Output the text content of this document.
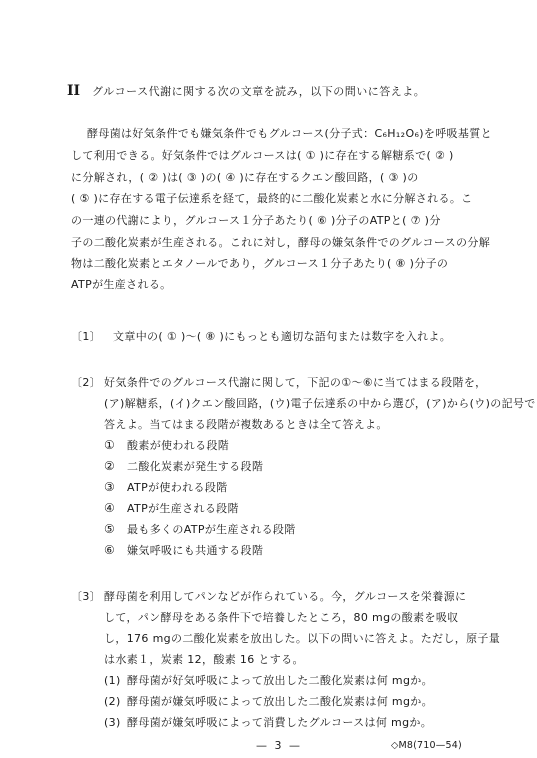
II グルコース代謝に関する次の文章を読み，以下の問いに答えよ。
酵母菌は好気条件でも嫌気条件でもグルコース(分子式：C₆H₁₂O₆)を呼吸基質と
して利用できる。好気条件ではグルコースは( ① )に存在する解糖系で( ② )
に分解され，( ② )は( ③ )の( ④ )に存在するクエン酸回路，( ③ )の
( ⑤ )に存在する電子伝達系を経て，最終的に二酸化炭素と水に分解される。こ
の一連の代謝により，グルコース１分子あたり( ⑥ )分子のATPと( ⑦ )分
子の二酸化炭素が生産される。これに対し，酵母の嫌気条件でのグルコースの分解
物は二酸化炭素とエタノールであり，グルコース１分子あたり( ⑧ )分子の
ATPが生産される。
〔1〕 文章中の( ① )〜( ⑧ )にもっとも適切な語句または数字を入れよ。
〔2〕 好気条件でのグルコース代謝に関して，下記の①〜⑥に当てはまる段階を，
(ア)解糖系，(イ)クエン酸回路，(ウ)電子伝達系の中から選び，(ア)から(ウ)の記号で
答えよ。当てはまる段階が複数あるときは全て答えよ。
① 酸素が使われる段階
② 二酸化炭素が発生する段階
③ ATPが使われる段階
④ ATPが生産される段階
⑤ 最も多くのATPが生産される段階
⑥ 嫌気呼吸にも共通する段階
〔3〕 酵母菌を利用してパンなどが作られている。今，グルコースを栄養源に
して，パン酵母をある条件下で培養したところ，80 mgの酸素を吸収
し，176 mgの二酸化炭素を放出した。以下の問いに答えよ。ただし，原子量
は水素１，炭素 12，酸素 16 とする。
(1) 酵母菌が好気呼吸によって放出した二酸化炭素は何 mgか。
(2) 酵母菌が嫌気呼吸によって放出した二酸化炭素は何 mgか。
(3) 酵母菌が嫌気呼吸によって消費したグルコースは何 mgか。
— 3 —	◇M8(710—54)
